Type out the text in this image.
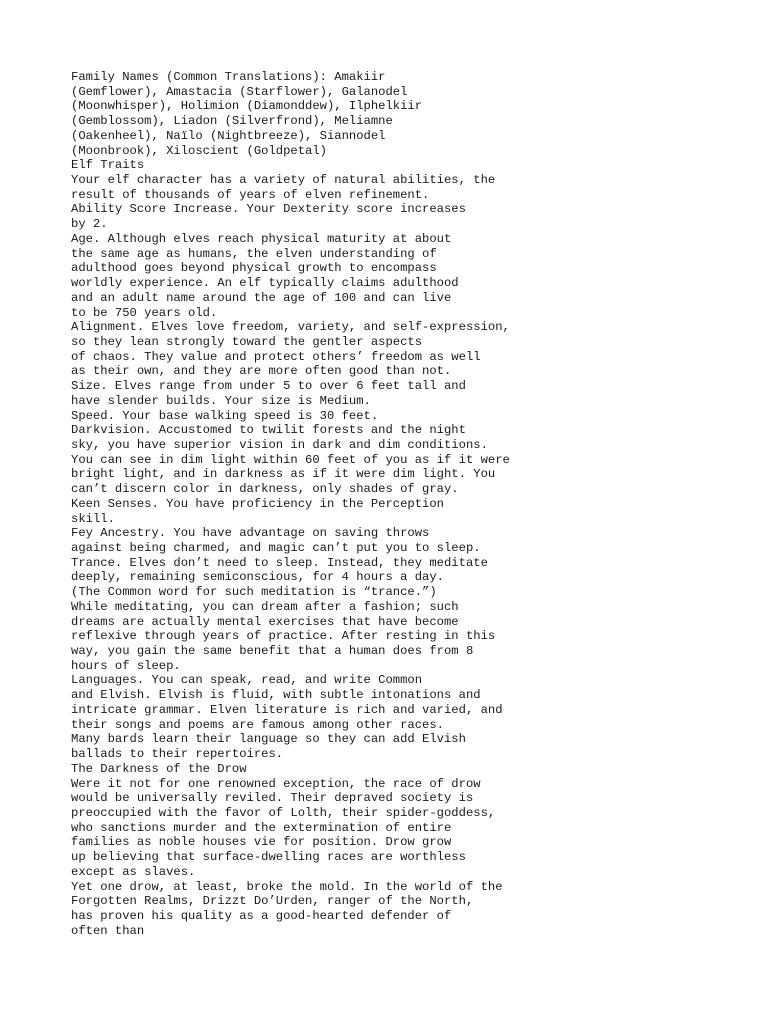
Family Names (Common Translations): Amakiir
(Gemflower), Amastacia (Starflower), Galanodel
(Moonwhisper), Holimion (Diamonddew), Ilphelkiir
(Gemblossom), Liadon (Silverfrond), Meliamne
(Oakenheel), Naïlo (Nightbreeze), Siannodel
(Moonbrook), Xiloscient (Goldpetal)
Elf Traits
Your elf character has a variety of natural abilities, the
result of thousands of years of elven refinement.
Ability Score Increase. Your Dexterity score increases
by 2.
Age. Although elves reach physical maturity at about
the same age as humans, the elven understanding of
adulthood goes beyond physical growth to encompass
worldly experience. An elf typically claims adulthood
and an adult name around the age of 100 and can live
to be 750 years old.
Alignment. Elves love freedom, variety, and self-expression,
so they lean strongly toward the gentler aspects
of chaos. They value and protect others’ freedom as well
as their own, and they are more often good than not.
Size. Elves range from under 5 to over 6 feet tall and
have slender builds. Your size is Medium.
Speed. Your base walking speed is 30 feet.
Darkvision. Accustomed to twilit forests and the night
sky, you have superior vision in dark and dim conditions.
You can see in dim light within 60 feet of you as if it were
bright light, and in darkness as if it were dim light. You
can’t discern color in darkness, only shades of gray.
Keen Senses. You have proficiency in the Perception
skill.
Fey Ancestry. You have advantage on saving throws
against being charmed, and magic can’t put you to sleep.
Trance. Elves don’t need to sleep. Instead, they meditate
deeply, remaining semiconscious, for 4 hours a day.
(The Common word for such meditation is “trance.”)
While meditating, you can dream after a fashion; such
dreams are actually mental exercises that have become
reflexive through years of practice. After resting in this
way, you gain the same benefit that a human does from 8
hours of sleep.
Languages. You can speak, read, and write Common
and Elvish. Elvish is fluid, with subtle intonations and
intricate grammar. Elven literature is rich and varied, and
their songs and poems are famous among other races.
Many bards learn their language so they can add Elvish
ballads to their repertoires.
The Darkness of the Drow
Were it not for one renowned exception, the race of drow
would be universally reviled. Their depraved society is
preoccupied with the favor of Lolth, their spider-goddess,
who sanctions murder and the extermination of entire
families as noble houses vie for position. Drow grow
up believing that surface-dwelling races are worthless
except as slaves.
Yet one drow, at least, broke the mold. In the world of the
Forgotten Realms, Drizzt Do’Urden, ranger of the North,
has proven his quality as a good-hearted defender of
often than
